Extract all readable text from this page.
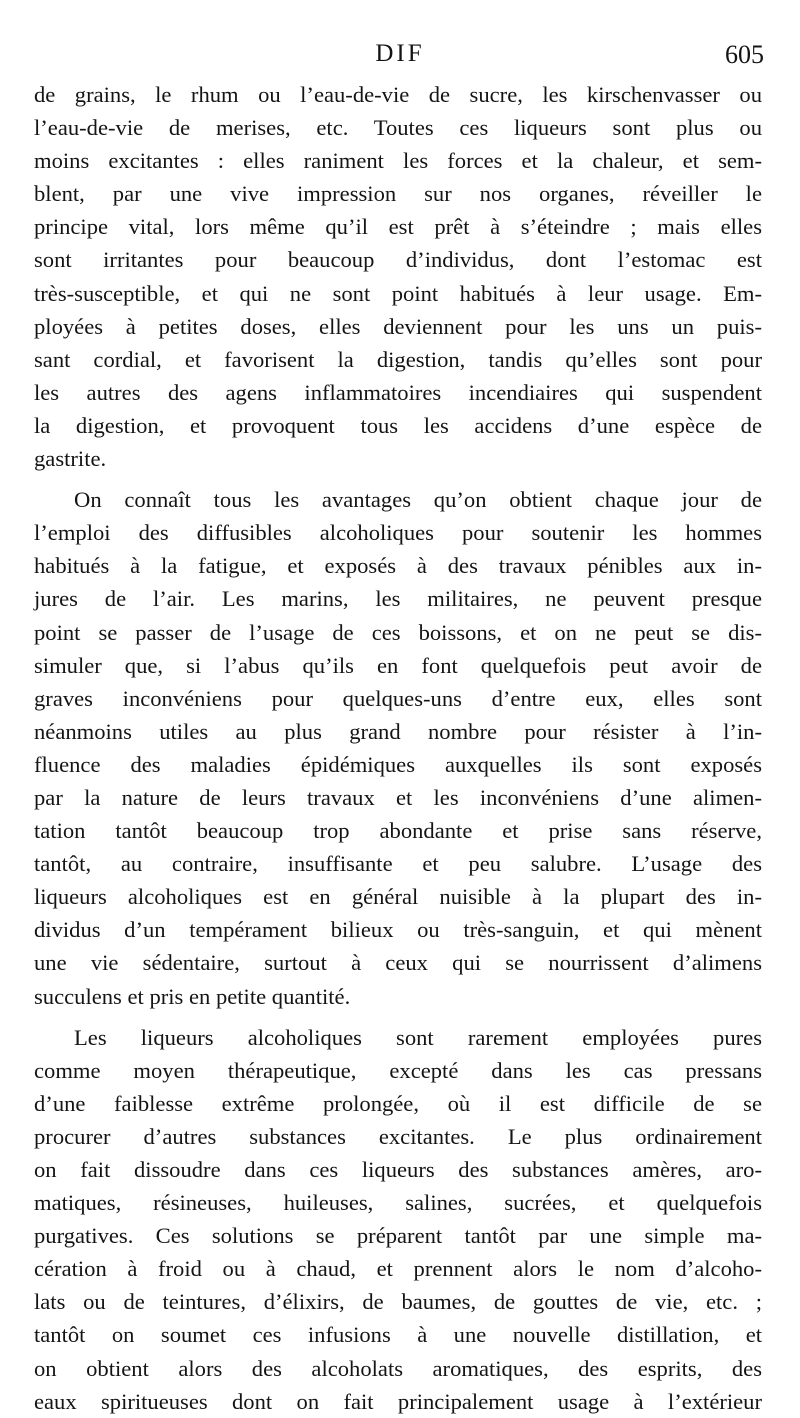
DIF	605
de grains, le rhum ou l’eau-de-vie de sucre, les kirschenvasser ou
l’eau-de-vie de merises, etc. Toutes ces liqueurs sont plus ou
moins excitantes : elles raniment les forces et la chaleur, et sem-
blent, par une vive impression sur nos organes, réveiller le
principe vital, lors même qu’il est prêt à s’éteindre ; mais elles
sont irritantes pour beaucoup d’individus, dont l’estomac est
très-susceptible, et qui ne sont point habitués à leur usage. Em-
ployées à petites doses, elles deviennent pour les uns un puis-
sant cordial, et favorisent la digestion, tandis qu’elles sont pour
les autres des agens inflammatoires incendiaires qui suspendent
la digestion, et provoquent tous les accidens d’une espèce de
gastrite.
On connaît tous les avantages qu’on obtient chaque jour de
l’emploi des diffusibles alcoholiques pour soutenir les hommes
habitués à la fatigue, et exposés à des travaux pénibles aux in-
jures de l’air. Les marins, les militaires, ne peuvent presque
point se passer de l’usage de ces boissons, et on ne peut se dis-
simuler que, si l’abus qu’ils en font quelquefois peut avoir de
graves inconvéniens pour quelques-uns d’entre eux, elles sont
néanmoins utiles au plus grand nombre pour résister à l’in-
fluence des maladies épidémiques auxquelles ils sont exposés
par la nature de leurs travaux et les inconvéniens d’une alimen-
tation tantôt beaucoup trop abondante et prise sans réserve,
tantôt, au contraire, insuffisante et peu salubre. L’usage des
liqueurs alcoholiques est en général nuisible à la plupart des in-
dividus d’un tempérament bilieux ou très-sanguin, et qui mènent
une vie sédentaire, surtout à ceux qui se nourrissent d’alimens
succulens et pris en petite quantité.
Les liqueurs alcoholiques sont rarement employées pures
comme moyen thérapeutique, excepté dans les cas pressans
d’une faiblesse extrême prolongée, où il est difficile de se
procurer d’autres substances excitantes. Le plus ordinairement
on fait dissoudre dans ces liqueurs des substances amères, aro-
matiques, résineuses, huileuses, salines, sucrées, et quelquefois
purgatives. Ces solutions se préparent tantôt par une simple ma-
cération à froid ou à chaud, et prennent alors le nom d’alcoho-
lats ou de teintures, d’élixirs, de baumes, de gouttes de vie, etc. ;
tantôt on soumet ces infusions à une nouvelle distillation, et
on obtient alors des alcoholats aromatiques, des esprits, des
eaux spiritueuses dont on fait principalement usage à l’extérieur
